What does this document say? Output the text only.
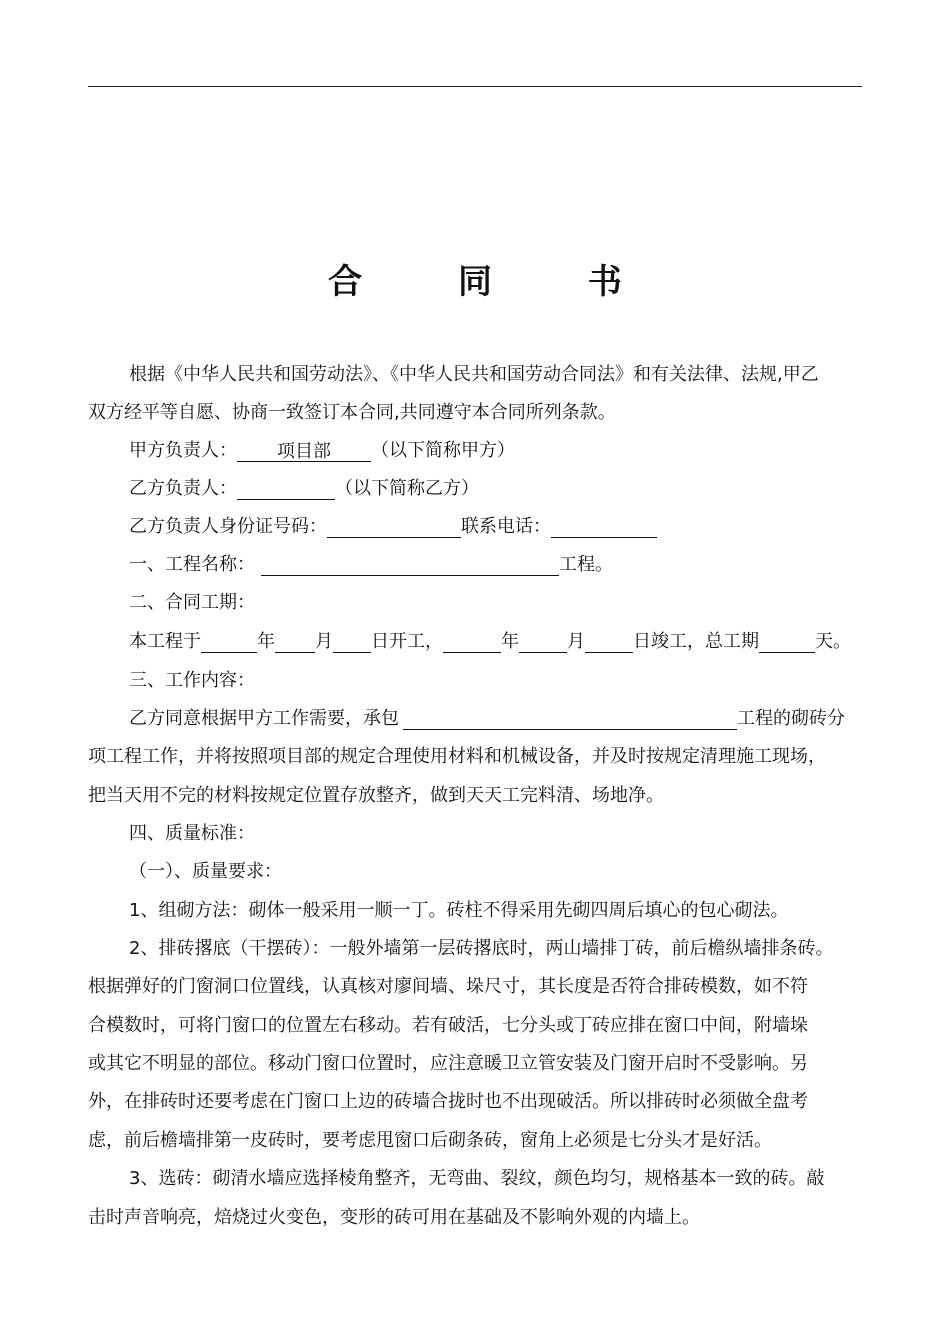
合 同 书
根据《中华人民共和国劳动法》、《中华人民共和国劳动合同法》和有关法律、法规,甲乙
双方经平等自愿、协商一致签订本合同,共同遵守本合同所列条款。
甲方负责人： 项目部 （以下简称甲方）
乙方负责人：	（以下简称乙方）
乙方负责人身份证号码：	联系电话：
一、工程名称：	工程。
二、合同工期：
本工程于	年 月 日开工，	年	月	日竣工，总工期	天。
三、工作内容：
乙方同意根据甲方工作需要，承包	工程的砌砖分
项工程工作，并将按照项目部的规定合理使用材料和机械设备，并及时按规定清理施工现场，
把当天用不完的材料按规定位置存放整齐，做到天天工完料清、场地净。
四、质量标准：
（一）、质量要求：
1、组砌方法：砌体一般采用一顺一丁。砖柱不得采用先砌四周后填心的包心砌法。
2、排砖撂底（干摆砖）：一般外墙第一层砖撂底时，两山墙排丁砖，前后檐纵墙排条砖。
根据弹好的门窗洞口位置线，认真核对廖间墙、垛尺寸，其长度是否符合排砖模数，如不符
合模数时，可将门窗口的位置左右移动。若有破活，七分头或丁砖应排在窗口中间，附墙垛
或其它不明显的部位。移动门窗口位置时，应注意暖卫立管安装及门窗开启时不受影响。另
外，在排砖时还要考虑在门窗口上边的砖墙合拢时也不出现破活。所以排砖时必须做全盘考
虑，前后檐墙排第一皮砖时，要考虑甩窗口后砌条砖，窗角上必须是七分头才是好活。
3、选砖：砌清水墙应选择棱角整齐，无弯曲、裂纹，颜色均匀，规格基本一致的砖。敲
击时声音响亮，焙烧过火变色，变形的砖可用在基础及不影响外观的内墙上。
